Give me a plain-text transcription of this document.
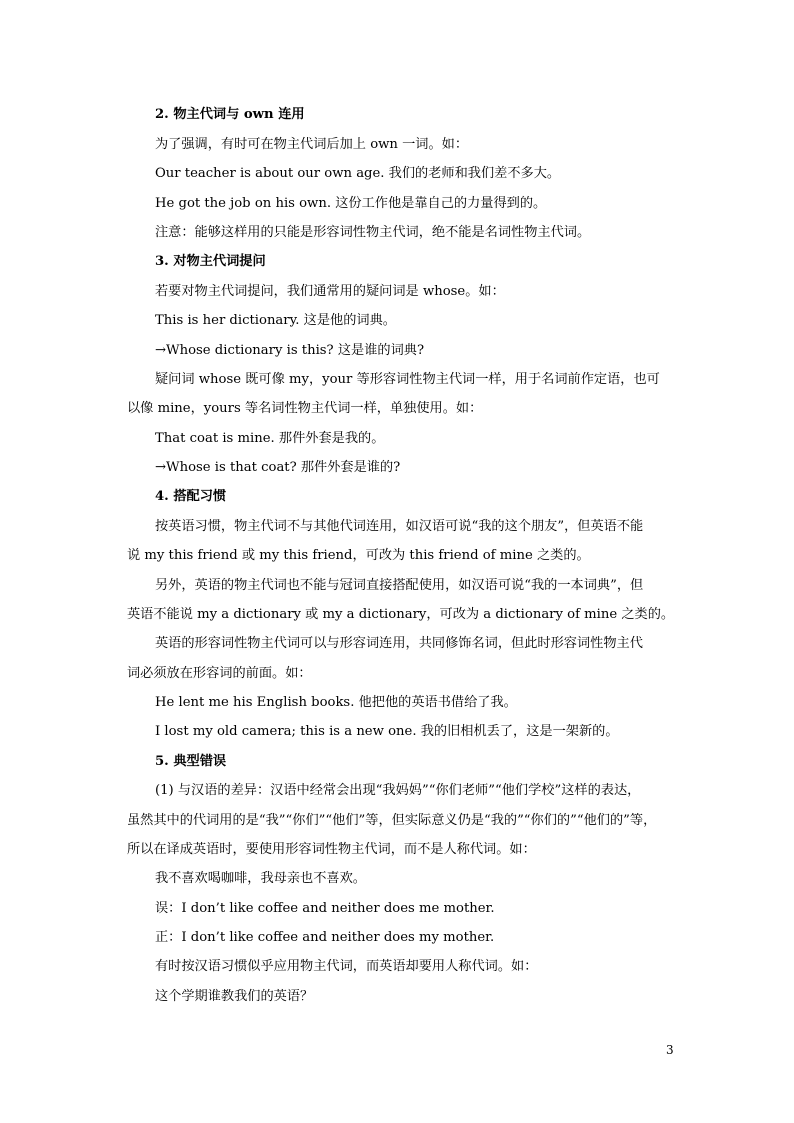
2. 物主代词与 own 连用
为了强调，有时可在物主代词后加上 own 一词。如：
Our teacher is about our own age. 我们的老师和我们差不多大。
He got the job on his own. 这份工作他是靠自己的力量得到的。
注意：能够这样用的只能是形容词性物主代词，绝不能是名词性物主代词。
3. 对物主代词提问
若要对物主代词提问，我们通常用的疑问词是 whose。如：
This is her dictionary. 这是他的词典。
→Whose dictionary is this? 这是谁的词典?
疑问词 whose 既可像 my，your 等形容词性物主代词一样，用于名词前作定语，也可
以像 mine，yours 等名词性物主代词一样，单独使用。如：
That coat is mine. 那件外套是我的。
→Whose is that coat? 那件外套是谁的?
4. 搭配习惯
按英语习惯，物主代词不与其他代词连用，如汉语可说“我的这个朋友”，但英语不能
说 my this friend 或 my this friend，可改为 this friend of mine 之类的。
另外，英语的物主代词也不能与冠词直接搭配使用，如汉语可说“我的一本词典”，但
英语不能说 my a dictionary 或 my a dictionary，可改为 a dictionary of mine 之类的。
英语的形容词性物主代词可以与形容词连用，共同修饰名词，但此时形容词性物主代
词必须放在形容词的前面。如：
He lent me his English books. 他把他的英语书借给了我。
I lost my old camera; this is a new one. 我的旧相机丢了，这是一架新的。
5. 典型错误
(1) 与汉语的差异：汉语中经常会出现“我妈妈”“你们老师”“他们学校”这样的表达，
虽然其中的代词用的是“我”“你们”“他们”等，但实际意义仍是“我的”“你们的”“他们的”等，
所以在译成英语时，要使用形容词性物主代词，而不是人称代词。如：
我不喜欢喝咖啡，我母亲也不喜欢。
误：I don’t like coffee and neither does me mother.
正：I don’t like coffee and neither does my mother.
有时按汉语习惯似乎应用物主代词，而英语却要用人称代词。如：
这个学期谁教我们的英语？
3
